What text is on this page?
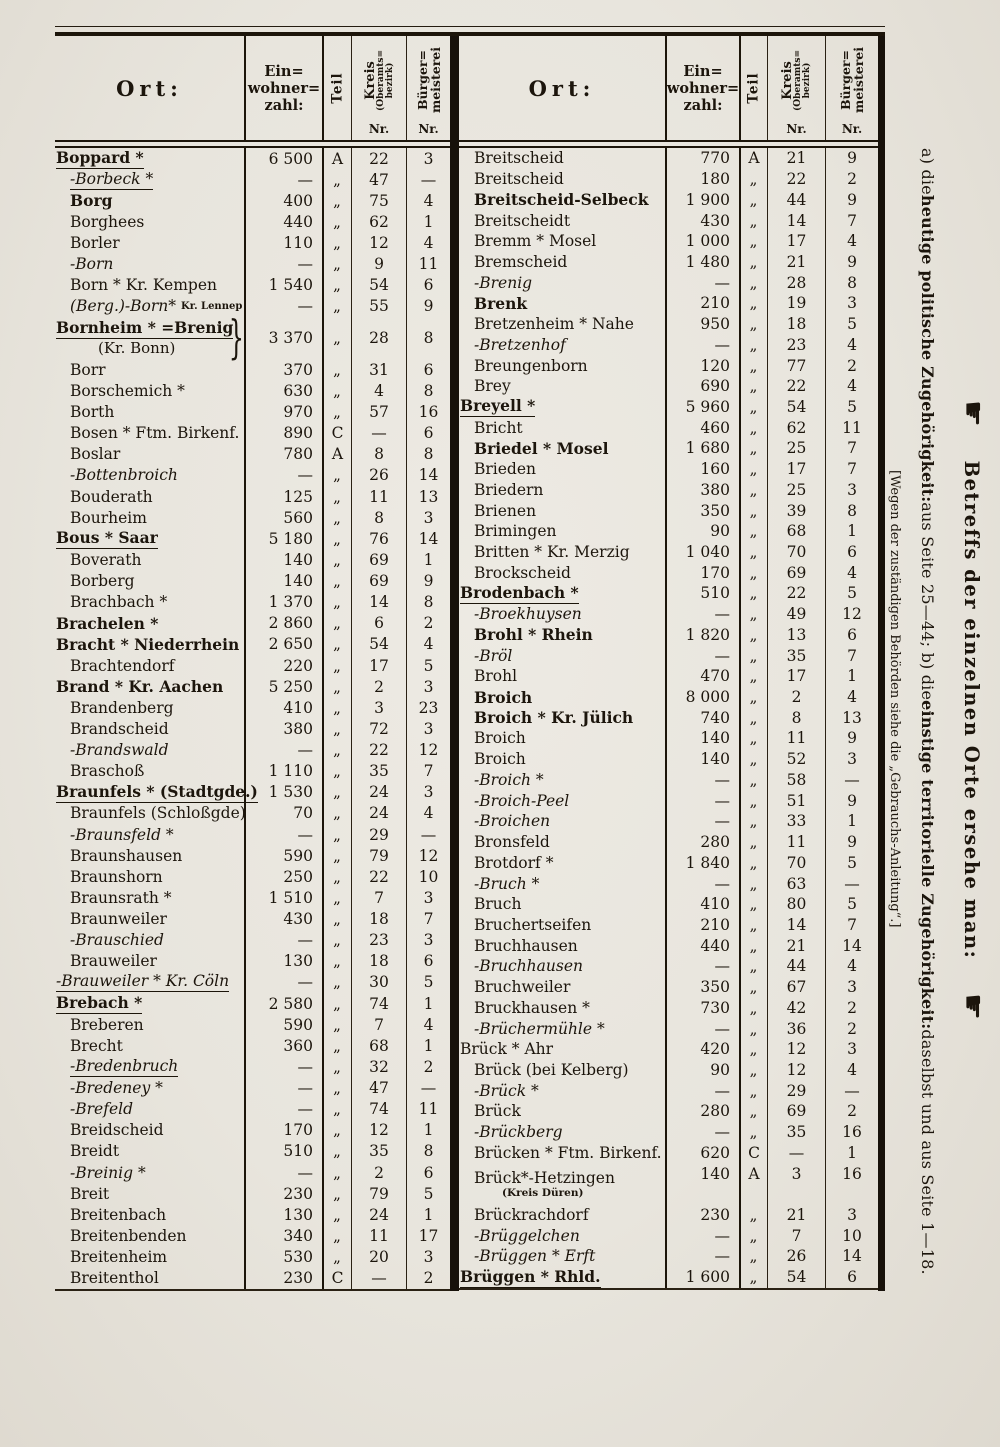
Ort:
Ein=
wohner=
zahl:
Teil Kreis
(Oberamts= bezirk)
Nr.
Bürger=
meisterei
Nr.
Boppard *	6 500 A 22 3
-Borbeck *	— „ 47 —
Borg	400 „ 75 4
Borghees	440 „ 62 1
Borler	110 „ 12 4
-Born	— „ 9 11
Born * Kr. Kempen	1 540 „ 54 6
(Berg.)-Born* Kr. Lennep	— „ 55 9
Bornheim * =Brenig
(Kr. Bonn)	} 3 370 „ 28 8
Borr	370 „ 31 6
Borschemich *	630 „ 4	8
Borth	970 „ 57 16
Bosen * Ftm. Birkenf.	890 C — 6
Boslar	780 A 8	8
-Bottenbroich	— „ 26 14
Bouderath	125 „ 11 13
Bourheim	560 „ 8	3
Bous * Saar	5 180 „ 76 14
Boverath	140 „ 69 1
Borberg	140 „ 69 9
Brachbach *	1 370 „ 14 8
Brachelen *	2 860 „ 6	2
Bracht * Niederrhein 2 650 „ 54 4
Brachtendorf	220 „ 17 5
Brand * Kr. Aachen	5 250 „ 2	3
Brandenberg	410 „ 3 23
Brandscheid	380 „ 72 3
-Brandswald	— „ 22 12
Braschoß	1 110 „ 35 7
Braunfels * (Stadtgde.) 1 530 „ 24 3
Braunfels (Schloßgde)	70 „ 24 4
-Braunsfeld *	— „ 29 —
Braunshausen	590 „ 79 12
Braunshorn	250 „ 22 10
Braunsrath *	1 510 „ 7	3
Braunweiler	430 „ 18 7
-Brauschied	— „ 23 3
Brauweiler	130 „ 18 6
-Brauweiler * Kr. Cöln	— „ 30 5
Brebach *	2 580 „ 74 1
Breberen	590 „ 7	4
Brecht	360 „ 68 1
-Bredenbruch	— „ 32 2
-Bredeney *	— „ 47 —
-Brefeld	— „ 74 11
Breidscheid	170 „ 12 1
Breidt	510 „ 35 8
-Breinig *	— „ 2	6
Breit	230 „ 79 5
Breitenbach	130 „ 24 1
Breitenbenden	340 „ 11 17
Breitenheim	530 „ 20 3
Breitenthol	230 C — 2
Ort:
Ein=
wohner=
zahl:
Teil Kreis
(Oberamts= bezirk)
Nr.
Bürger=
meisterei
Nr.
Breitscheid	770 A 21	9
Breitscheid	180 „ 22	2
Breitscheid-Selbeck 1 900 „ 44	9
Breitscheidt	430 „ 14	7
Bremm * Mosel	1 000 „ 17	4
Bremscheid	1 480 „ 21	9
-Brenig	— „ 28	8
Brenk	210 „ 19	3
Bretzenheim * Nahe	950 „ 18	5
-Bretzenhof	— „ 23	4
Breungenborn	120 „ 77	2
Brey	690 „ 22	4
Breyell *	5 960 „ 54	5
Bricht	460 „ 62 11
Briedel * Mosel	1 680 „ 25	7
Brieden	160 „ 17	7
Briedern	380 „ 25	3
Brienen	350 „ 39	8
Brimingen	90 „ 68	1
Britten * Kr. Merzig	1 040 „ 70	6
Brockscheid	170 „ 69	4
Brodenbach *	510 „ 22	5
-Broekhuysen	— „ 49 12
Brohl * Rhein	1 820 „ 13	6
-Bröl	— „ 35	7
Brohl	470 „ 17	1
Broich	8 000 „ 2	4
Broich * Kr. Jülich	740 „ 8	13
Broich	140 „ 11	9
Broich	140 „ 52	3
-Broich *	— „ 58 —
-Broich-Peel	— „ 51	9
-Broichen	— „ 33	1
Bronsfeld	280 „ 11	9
Brotdorf *	1 840 „ 70	5
-Bruch *	— „ 63 —
Bruch	410 „ 80	5
Bruchertseifen	210 „ 14	7
Bruchhausen	440 „ 21 14
-Bruchhausen	— „ 44	4
Bruchweiler	350 „ 67	3
Bruckhausen *	730 „ 42	2
-Brüchermühle *	— „ 36	2
Brück * Ahr	420 „ 12	3
Brück (bei Kelberg)	90 „ 12	4
-Brück *	— „ 29 —
Brück	280 „ 69	2
-Brückberg	— „ 35 16
Brücken * Ftm. Birkenf.	620 C —	1
Brück*-Hetzingen
(Kreis Düren)
140 A 3	16
Brückrachdorf	230 „ 21	3
-Brüggelchen	— „ 7	10
-Brüggen * Erft	— „ 26 14
Brüggen * Rhld.	1 600 „ 54	6
a) die
heutige politische Zugehörigkeit:
aus Seite 25—44; b) die
einstige territorielle Zugehörigkeit:
daselbst und aus Seite 1—18.
☛
Betreffs der einzelnen Orte ersehe man:
☛
[Wegen der zuständigen Behörden siehe die „Gebrauchs-Anleitung“.]
